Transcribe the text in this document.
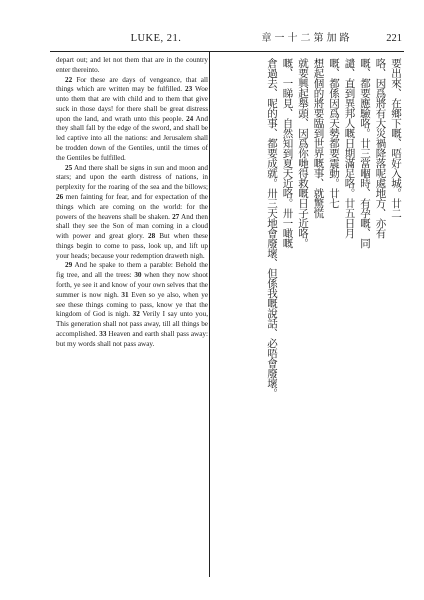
LUKE, 21.	章一十二第加路	221

depart out; and let not them that are in the country enter thereinto.

22 For these are days of vengeance, that all things which are written may be fulfilled. 23 Woe unto them that are with child and to them that give suck in those days! for there shall be great distress upon the land, and wrath unto this people. 24 And they shall fall by the edge of the sword, and shall be led captive into all the nations: and Jerusalem shall be trodden down of the Gentiles, until the times of the Gentiles be fulfilled.

25 And there shall be signs in sun and moon and stars; and upon the earth distress of nations, in perplexity for the roaring of the sea and the billows; 26 men fainting for fear, and for expectation of the things which are coming on the world: for the powers of the heavens shall be shaken. 27 And then shall they see the Son of man coming in a cloud with power and great glory. 28 But when these things begin to come to pass, look up, and lift up your heads; because your redemption draweth nigh.

29 And he spake to them a parable: Behold the fig tree, and all the trees: 30 when they now shoot forth, ye see it and know of your own selves that the summer is now nigh. 31 Even so ye also, when ye see these things coming to pass, know ye that the kingdom of God is nigh. 32 Verily I say unto you, This generation shall not pass away, till all things be accomplished. 33 Heaven and earth shall pass away: but my words shall not pass away.

要出來、在鄉下嘅、唔好入城。廿二
咯、因爲將有大災禍降落呢處地方、亦有
嘅、都要應驗咯。廿三當嗰時、有孕嘅、同
譴、直到異邦人嘅日期滿足咯。廿五日月
嘅、都係因爲天勢都要震動。廿七
想起個的將要臨到世界嘅事、就驚慌
就要興起舉頭、因爲你哋得救嘅日子近咯。
嘅、一睇見、自然知到夏天近咯。卅一噉嘅
倉過去、呢的事、都要成就。卅三天地會廢壞、但係我嘅說話、必唔會廢壞。
